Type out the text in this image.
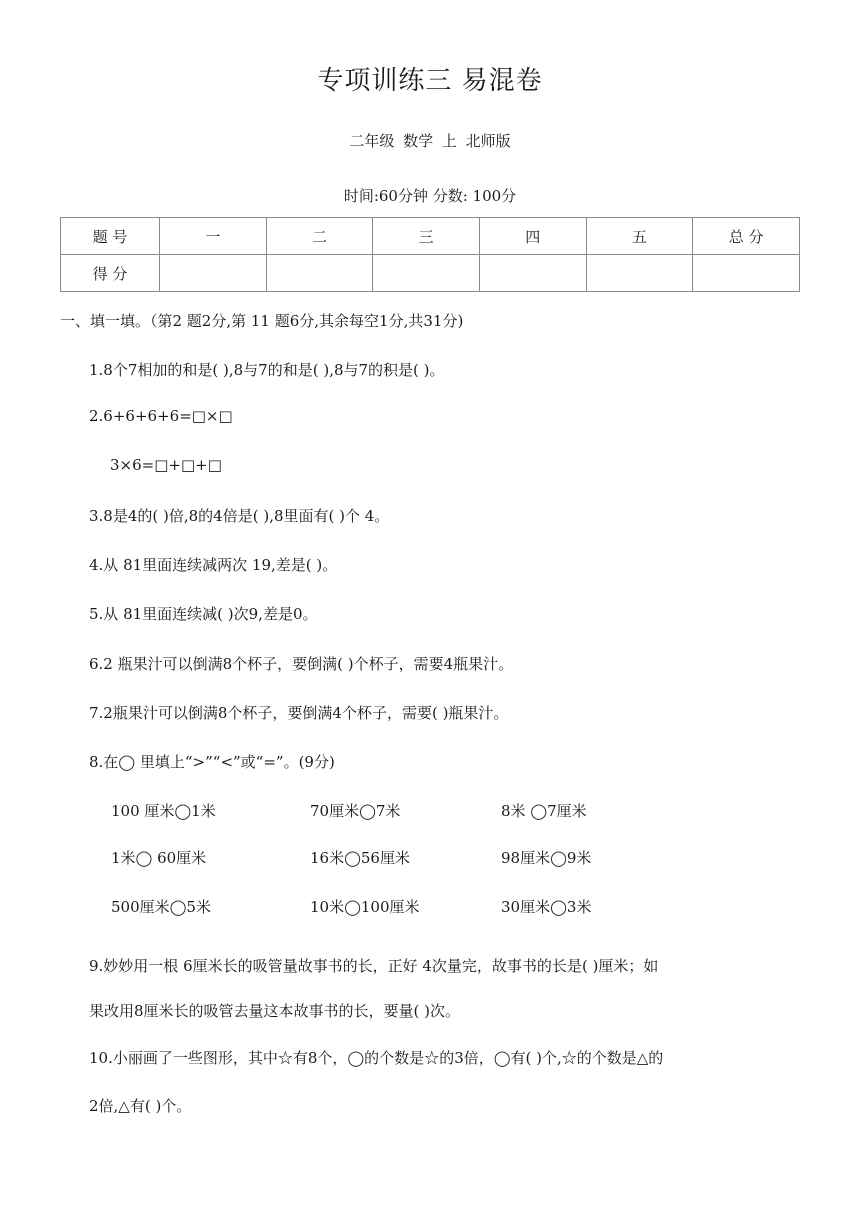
专项训练三 易混卷
二年级 数学 上 北师版
时间:60分钟 分数: 100分
题 号	一	二	三	四	五	总 分
得 分						
一、填一填。（第2 题2分,第 11 题6分,其余每空1分,共31分)
1.8个7相加的和是( ),8与7的和是( ),8与7的积是( )。
2.6+6+6+6=□×□
3×6=□+□+□
3.8是4的( )倍,8的4倍是( ),8里面有( )个 4。
4.从 81里面连续减两次 19,差是( )。
5.从 81里面连续减( )次9,差是0。
6.2 瓶果汁可以倒满8个杯子，要倒满( )个杯子，需要4瓶果汁。
7.2瓶果汁可以倒满8个杯子，要倒满4个杯子，需要( )瓶果汁。
8.在◯ 里填上“>”“<”或“=”。(9分)
100 厘米◯1米	70厘米◯7米	8米 ◯7厘米
1米◯ 60厘米	16米◯56厘米	98厘米◯9米
500厘米◯5米	10米◯100厘米	30厘米◯3米
9.妙妙用一根 6厘米长的吸管量故事书的长，正好 4次量完，故事书的长是( )厘米；如
果改用8厘米长的吸管去量这本故事书的长，要量( )次。
10.小丽画了一些图形，其中☆有8个，◯的个数是☆的3倍，◯有( )个,☆的个数是△的
2倍,△有( )个。
